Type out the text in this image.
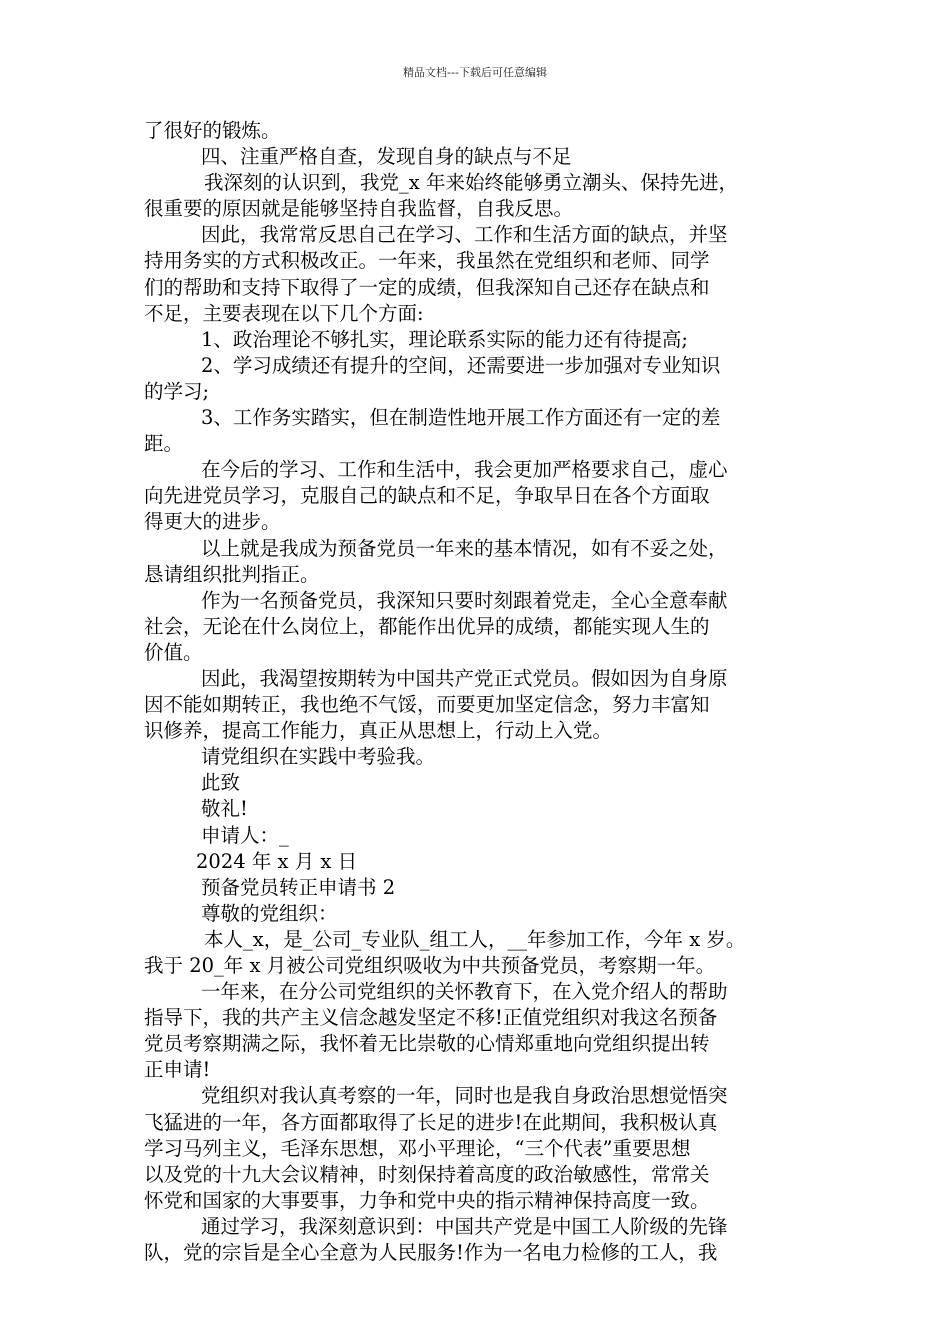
精品文档---下载后可任意编辑
了很好的锻炼。
四、注重严格自查，发现自身的缺点与不足
我深刻的认识到，我党_x 年来始终能够勇立潮头、保持先进，
很重要的原因就是能够坚持自我监督，自我反思。
因此，我常常反思自己在学习、工作和生活方面的缺点，并坚
持用务实的方式积极改正。一年来，我虽然在党组织和老师、同学
们的帮助和支持下取得了一定的成绩，但我深知自己还存在缺点和
不足，主要表现在以下几个方面:
1、政治理论不够扎实，理论联系实际的能力还有待提高;
2、学习成绩还有提升的空间，还需要进一步加强对专业知识
的学习;
3、工作务实踏实，但在制造性地开展工作方面还有一定的差
距。
在今后的学习、工作和生活中，我会更加严格要求自己，虚心
向先进党员学习，克服自己的缺点和不足，争取早日在各个方面取
得更大的进步。
以上就是我成为预备党员一年来的基本情况，如有不妥之处，
恳请组织批判指正。
作为一名预备党员，我深知只要时刻跟着党走，全心全意奉献
社会，无论在什么岗位上，都能作出优异的成绩，都能实现人生的
价值。
因此，我渴望按期转为中国共产党正式党员。假如因为自身原
因不能如期转正，我也绝不气馁，而要更加坚定信念，努力丰富知
识修养，提高工作能力，真正从思想上，行动上入党。
请党组织在实践中考验我。
此致
敬礼!
申请人：_
2024 年 x 月 x 日
预备党员转正申请书 2
尊敬的党组织：
本人_x，是_公司_专业队_组工人，__年参加工作，今年 x 岁。
我于 20_年 x 月被公司党组织吸收为中共预备党员，考察期一年。
一年来，在分公司党组织的关怀教育下，在入党介绍人的帮助
指导下，我的共产主义信念越发坚定不移!正值党组织对我这名预备
党员考察期满之际，我怀着无比崇敬的心情郑重地向党组织提出转
正申请!
党组织对我认真考察的一年，同时也是我自身政治思想觉悟突
飞猛进的一年，各方面都取得了长足的进步!在此期间，我积极认真
学习马列主义，毛泽东思想，邓小平理论，“三个代表”重要思想
以及党的十九大会议精神，时刻保持着高度的政治敏感性，常常关
怀党和国家的大事要事，力争和党中央的指示精神保持高度一致。
通过学习，我深刻意识到：中国共产党是中国工人阶级的先锋
队，党的宗旨是全心全意为人民服务!作为一名电力检修的工人，我
